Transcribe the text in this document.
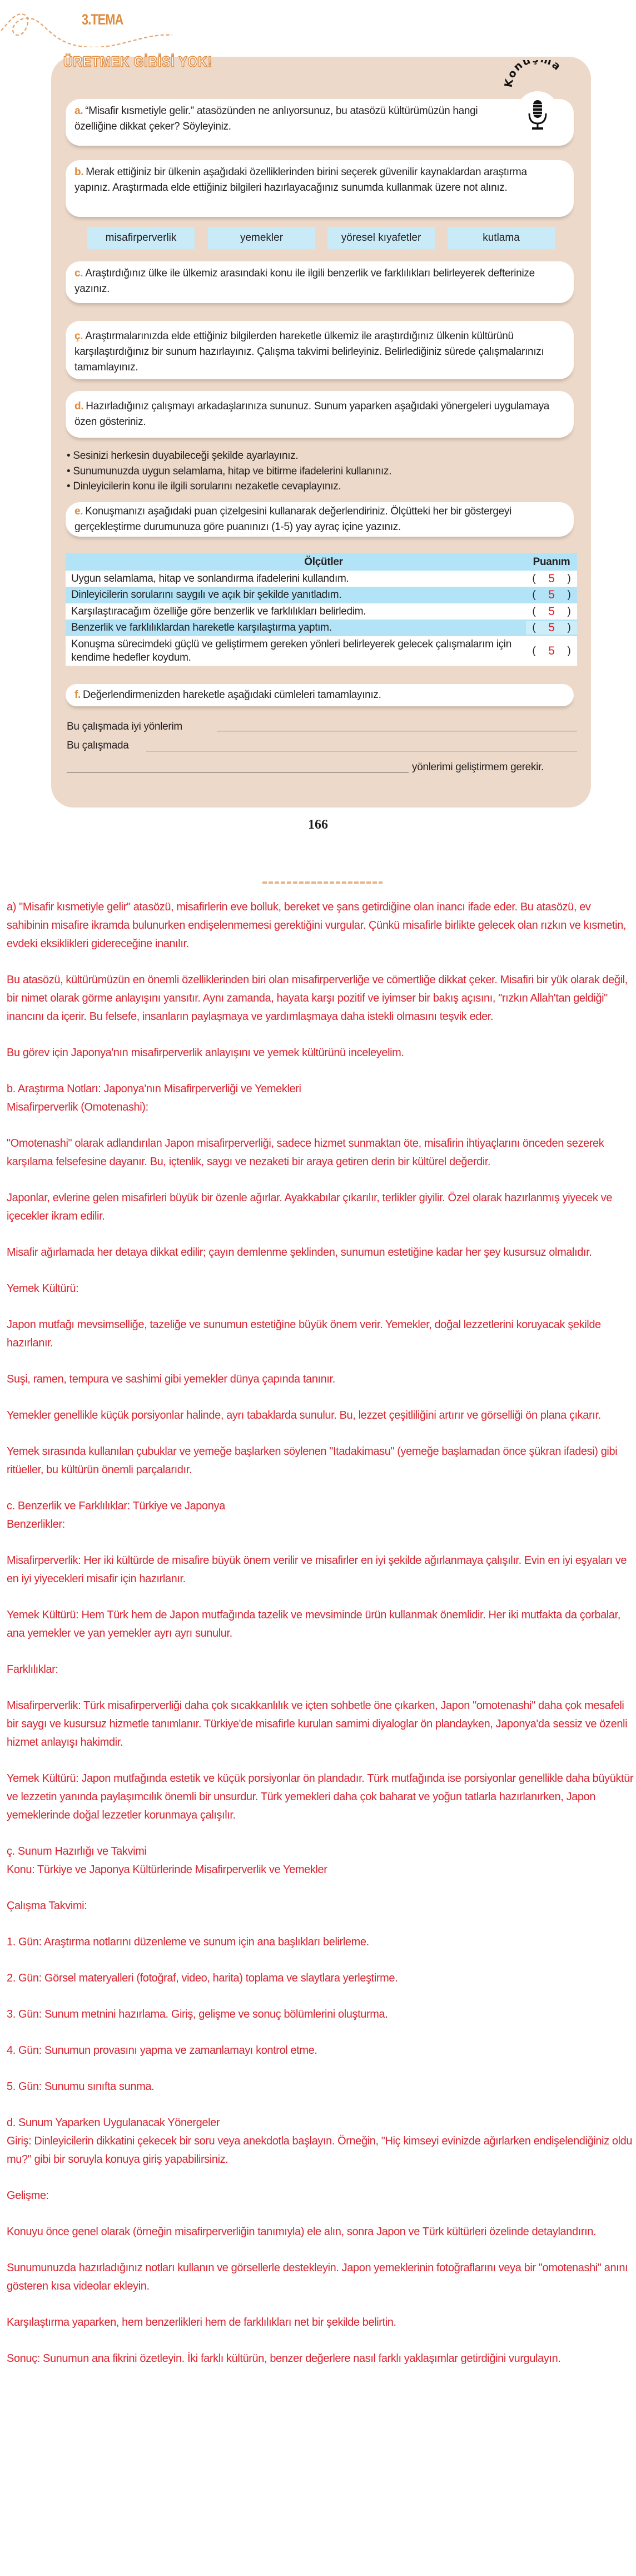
3.TEMA
ÜRETMEK GİBİSİ YOK!
a. “Misafir kısmetiyle gelir.” atasözünden ne anlıyorsunuz, bu atasözü kültürümüzün hangi özelliğine dikkat çeker? Söyleyiniz.
Konu ma
b. Merak ettiğiniz bir ülkenin aşağıdaki özelliklerinden birini seçerek güvenilir kaynaklardan araştırma yapınız. Araştırmada elde ettiğiniz bilgileri hazırlayacağınız sunumda kullanmak üzere not alınız.
misafirperverlik	yemekler	yöresel kıyafetler	kutlama
c. Araştırdığınız ülke ile ülkemiz arasındaki konu ile ilgili benzerlik ve farklılıkları belirleyerek defterinize yazınız.
ç. Araştırmalarınızda elde ettiğiniz bilgilerden hareketle ülkemiz ile araştırdığınız ülkenin kültürünü karşılaştırdığınız bir sunum hazırlayınız. Çalışma takvimi belirleyiniz. Belirlediğiniz sürede çalışmalarınızı tamamlayınız.
d. Hazırladığınız çalışmayı arkadaşlarınıza sununuz. Sunum yaparken aşağıdaki yönergeleri uygulamaya özen gösteriniz.
• Sesinizi herkesin duyabileceği şekilde ayarlayınız.
• Sunumunuzda uygun selamlama, hitap ve bitirme ifadelerini kullanınız.
• Dinleyicilerin konu ile ilgili sorularını nezaketle cevaplayınız.
e. Konuşmanızı aşağıdaki puan çizelgesini kullanarak değerlendiriniz. Ölçütteki her bir göstergeyi gerçekleştirme durumunuza göre puanınızı (1-5) yay ayraç içine yazınız.
Ölçütler	Puanım
Uygun selamlama, hitap ve sonlandırma ifadelerini kullandım.	( 5 )
Dinleyicilerin sorularını saygılı ve açık bir şekilde yanıtladım.	( 5 )
Karşılaştıracağım özelliğe göre benzerlik ve farklılıkları belirledim.	( 5 )
Benzerlik ve farklılıklardan hareketle karşılaştırma yaptım.	( 5 )
Konuşma sürecimdeki güçlü ve geliştirmem gereken yönleri belirleyerek gelecek çalışmalarım için kendime hedefler koydum.
( 5 )
f. Değerlendirmenizden hareketle aşağıdaki cümleleri tamamlayınız.
Bu çalışmada iyi yönlerim
Bu çalışmada
yönlerimi geliştirmem gerekir.
166
a) "Misafir kısmetiyle gelir" atasözü, misafirlerin eve bolluk, bereket ve şans getirdiğine olan inancı ifade eder. Bu atasözü, ev sahibinin misafire ikramda bulunurken endişelenmemesi gerektiğini vurgular. Çünkü misafirle birlikte gelecek olan rızkın ve kısmetin, evdeki eksiklikleri gidereceğine inanılır.
Bu atasözü, kültürümüzün en önemli özelliklerinden biri olan misafirperverliğe ve cömertliğe dikkat çeker. Misafiri bir yük olarak değil, bir nimet olarak görme anlayışını yansıtır. Aynı zamanda, hayata karşı pozitif ve iyimser bir bakış açısını, "rızkın Allah'tan geldiği" inancını da içerir. Bu felsefe, insanların paylaşmaya ve yardımlaşmaya daha istekli olmasını teşvik eder.
Bu görev için Japonya'nın misafirperverlik anlayışını ve yemek kültürünü inceleyelim.
b. Araştırma Notları: Japonya'nın Misafirperverliği ve Yemekleri
Misafirperverlik (Omotenashi):
"Omotenashi" olarak adlandırılan Japon misafirperverliği, sadece hizmet sunmaktan öte, misafirin ihtiyaçlarını önceden sezerek karşılama felsefesine dayanır. Bu, içtenlik, saygı ve nezaketi bir araya getiren derin bir kültürel değerdir.
Japonlar, evlerine gelen misafirleri büyük bir özenle ağırlar. Ayakkabılar çıkarılır, terlikler giyilir. Özel olarak hazırlanmış yiyecek ve içecekler ikram edilir.
Misafir ağırlamada her detaya dikkat edilir; çayın demlenme şeklinden, sunumun estetiğine kadar her şey kusursuz olmalıdır.
Yemek Kültürü:
Japon mutfağı mevsimselliğe, tazeliğe ve sunumun estetiğine büyük önem verir. Yemekler, doğal lezzetlerini koruyacak şekilde hazırlanır.
Suşi, ramen, tempura ve sashimi gibi yemekler dünya çapında tanınır.
Yemekler genellikle küçük porsiyonlar halinde, ayrı tabaklarda sunulur. Bu, lezzet çeşitliliğini artırır ve görselliği ön plana çıkarır.
Yemek sırasında kullanılan çubuklar ve yemeğe başlarken söylenen "Itadakimasu" (yemeğe başlamadan önce şükran ifadesi) gibi ritüeller, bu kültürün önemli parçalarıdır.
c. Benzerlik ve Farklılıklar: Türkiye ve Japonya
Benzerlikler:
Misafirperverlik: Her iki kültürde de misafire büyük önem verilir ve misafirler en iyi şekilde ağırlanmaya çalışılır. Evin en iyi eşyaları ve en iyi yiyecekleri misafir için hazırlanır.
Yemek Kültürü: Hem Türk hem de Japon mutfağında tazelik ve mevsiminde ürün kullanmak önemlidir. Her iki mutfakta da çorbalar, ana yemekler ve yan yemekler ayrı ayrı sunulur.
Farklılıklar:
Misafirperverlik: Türk misafirperverliği daha çok sıcakkanlılık ve içten sohbetle öne çıkarken, Japon "omotenashi" daha çok mesafeli bir saygı ve kusursuz hizmetle tanımlanır. Türkiye'de misafirle kurulan samimi diyaloglar ön plandayken, Japonya'da sessiz ve özenli hizmet anlayışı hakimdir.
Yemek Kültürü: Japon mutfağında estetik ve küçük porsiyonlar ön plandadır. Türk mutfağında ise porsiyonlar genellikle daha büyüktür ve lezzetin yanında paylaşımcılık önemli bir unsurdur. Türk yemekleri daha çok baharat ve yoğun tatlarla hazırlanırken, Japon yemeklerinde doğal lezzetler korunmaya çalışılır.
ç. Sunum Hazırlığı ve Takvimi
Konu: Türkiye ve Japonya Kültürlerinde Misafirperverlik ve Yemekler
Çalışma Takvimi:
1. Gün: Araştırma notlarını düzenleme ve sunum için ana başlıkları belirleme.
2. Gün: Görsel materyalleri (fotoğraf, video, harita) toplama ve slaytlara yerleştirme.
3. Gün: Sunum metnini hazırlama. Giriş, gelişme ve sonuç bölümlerini oluşturma.
4. Gün: Sunumun provasını yapma ve zamanlamayı kontrol etme.
5. Gün: Sunumu sınıfta sunma.
d. Sunum Yaparken Uygulanacak Yönergeler
Giriş: Dinleyicilerin dikkatini çekecek bir soru veya anekdotla başlayın. Örneğin, "Hiç kimseyi evinizde ağırlarken endişelendiğiniz oldu mu?" gibi bir soruyla konuya giriş yapabilirsiniz.
Gelişme:
Konuyu önce genel olarak (örneğin misafirperverliğin tanımıyla) ele alın, sonra Japon ve Türk kültürleri özelinde detaylandırın.
Sunumunuzda hazırladığınız notları kullanın ve görsellerle destekleyin. Japon yemeklerinin fotoğraflarını veya bir "omotenashi" anını gösteren kısa videolar ekleyin.
Karşılaştırma yaparken, hem benzerlikleri hem de farklılıkları net bir şekilde belirtin.
Sonuç: Sunumun ana fikrini özetleyin. İki farklı kültürün, benzer değerlere nasıl farklı yaklaşımlar getirdiğini vurgulayın.
